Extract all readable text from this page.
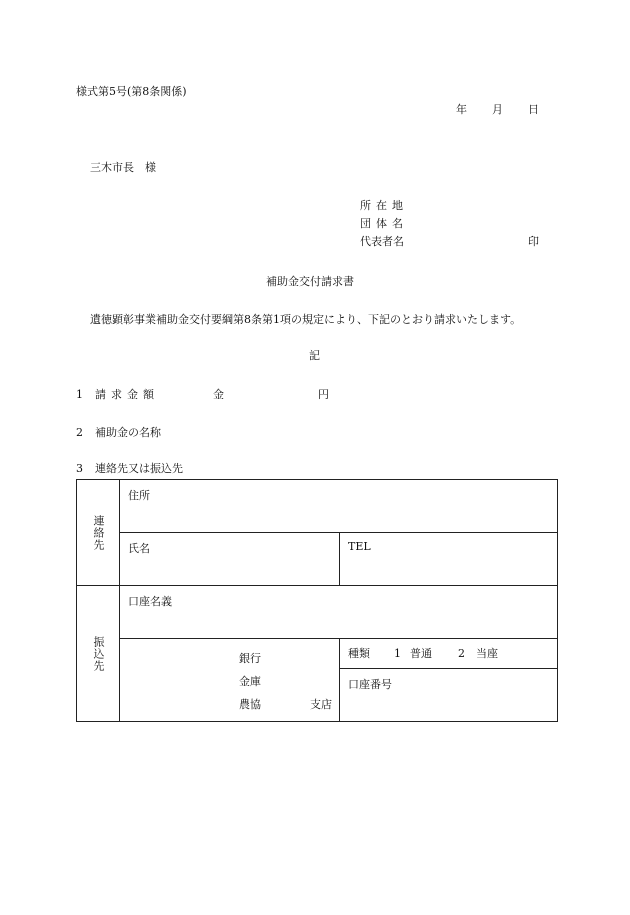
様式第5号(第8条関係)
年 月 日
三木市長　様
所在地
団体名
代表者名	印
補助金交付請求書
遺徳顕彰事業補助金交付要綱第8条第1項の規定により、下記のとおり請求いたします。
記
1 請求金額	金	円
2 補助金の名称
3 連絡先又は振込先
連絡先	住所	

	氏名	TEL

振込先	口座名義	

	銀行
金庫
農協 支店	種類 1 普通 2 当座

		口座番号
